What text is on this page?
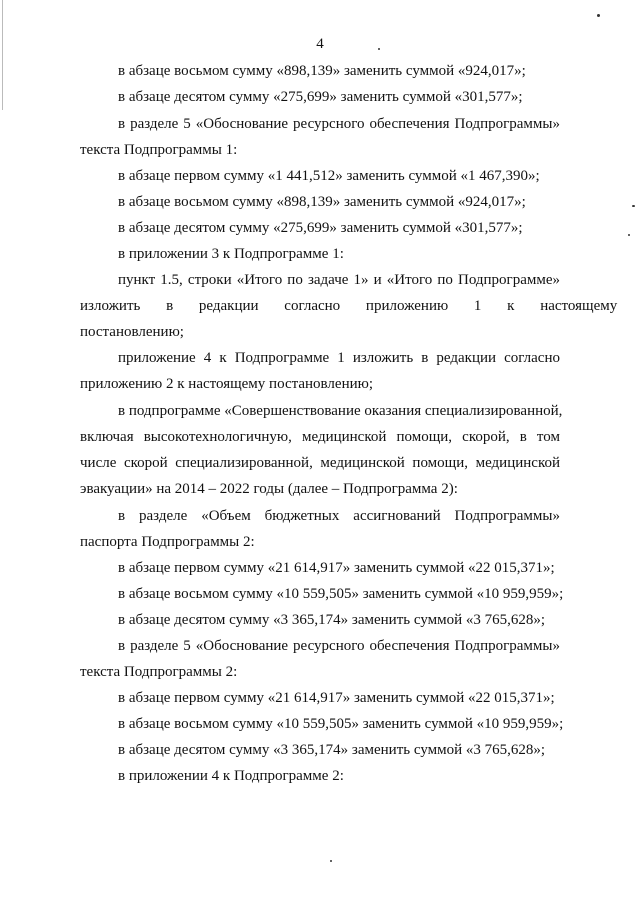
4
в абзаце восьмом сумму «898,139» заменить суммой «924,017»;
в абзаце десятом сумму «275,699» заменить суммой «301,577»;
в разделе 5 «Обоснование ресурсного обеспечения Подпрограммы»
текста Подпрограммы 1:
в абзаце первом сумму «1 441,512» заменить суммой «1 467,390»;
в абзаце восьмом сумму «898,139» заменить суммой «924,017»;
в абзаце десятом сумму «275,699» заменить суммой «301,577»;
в приложении 3 к Подпрограмме 1:
пункт 1.5, строки «Итого по задаче 1» и «Итого по Подпрограмме»
изложить в редакции согласно приложению 1 к настоящему
постановлению;
приложение 4 к Подпрограмме 1 изложить в редакции согласно
приложению 2 к настоящему постановлению;
в подпрограмме «Совершенствование оказания специализированной,
включая высокотехнологичную, медицинской помощи, скорой, в том
числе скорой специализированной, медицинской помощи, медицинской
эвакуации» на 2014 – 2022 годы (далее – Подпрограмма 2):
в разделе «Объем бюджетных ассигнований Подпрограммы»
паспорта Подпрограммы 2:
в абзаце первом сумму «21 614,917» заменить суммой «22 015,371»;
в абзаце восьмом сумму «10 559,505» заменить суммой «10 959,959»;
в абзаце десятом сумму «3 365,174» заменить суммой «3 765,628»;
в разделе 5 «Обоснование ресурсного обеспечения Подпрограммы»
текста Подпрограммы 2:
в абзаце первом сумму «21 614,917» заменить суммой «22 015,371»;
в абзаце восьмом сумму «10 559,505» заменить суммой «10 959,959»;
в абзаце десятом сумму «3 365,174» заменить суммой «3 765,628»;
в приложении 4 к Подпрограмме 2:
